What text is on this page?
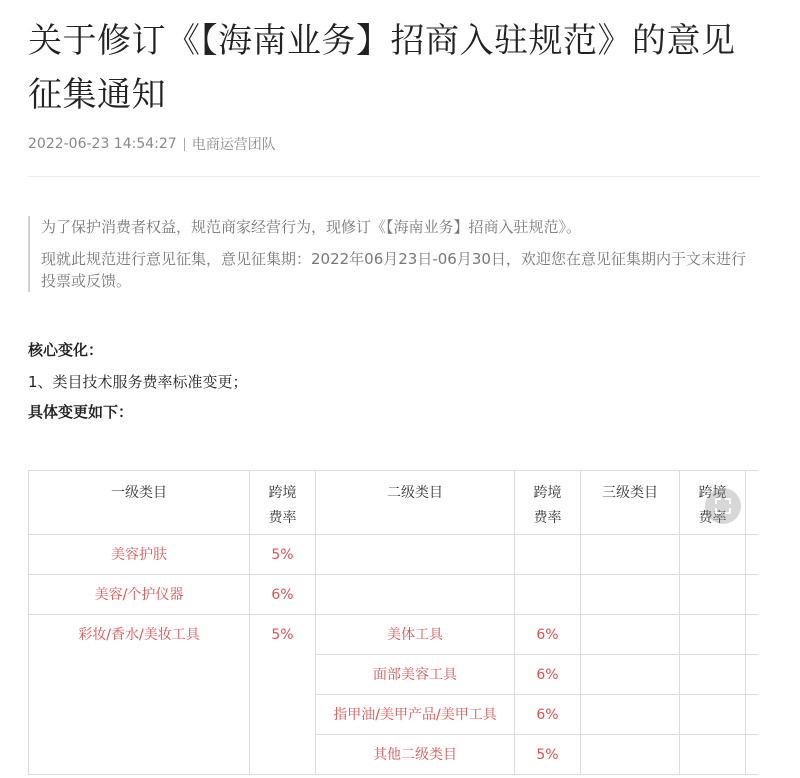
关于修订《【海南业务】招商入驻规范》的意见征集通知
2022-06-23 14:54:27 电商运营团队

为了保护消费者权益，规范商家经营行为，现修订《【海南业务】招商入驻规范》。

现就此规范进行意见征集，意见征集期：2022年06月23日-06月30日，欢迎您在意见征集期内于文末进行投票或反馈。

核心变化：
1、类目技术服务费率标准变更；
具体变更如下：
一级类目	跨境费率	二级类目	跨境费率	三级类目	跨境费率	
美容护肤	5%					
美容/个护仪器	6%					
彩妆/香水/美妆工具	5%	美体工具	6%			
		面部美容工具	6%			
		指甲油/美甲产品/美甲工具	6%			
		其他二级类目	5%			
